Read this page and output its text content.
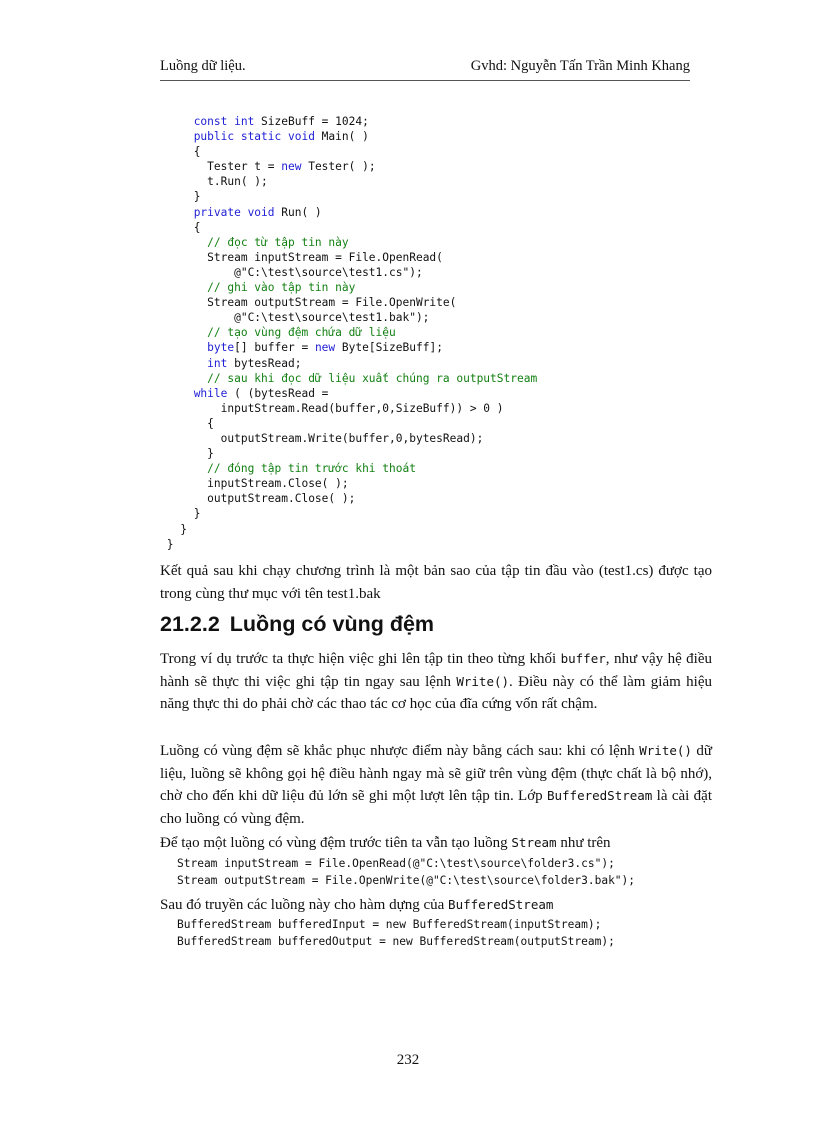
Luồng dữ liệu.	Gvhd: Nguyễn Tấn Trần Minh Khang
const int SizeBuff = 1024;
public static void Main( )
{
Tester t = new Tester( );
t.Run( );
}
private void Run( )
{
// đọc từ tập tin này
Stream inputStream = File.OpenRead(
@"C:\test\source\test1.cs");
// ghi vào tập tin này
Stream outputStream = File.OpenWrite(
@"C:\test\source\test1.bak");
// tạo vùng đệm chứa dữ liệu
byte[] buffer = new Byte[SizeBuff];
int bytesRead;
// sau khi đọc dữ liệu xuất chúng ra outputStream
while ( (bytesRead =
inputStream.Read(buffer,0,SizeBuff)) > 0 )
{
outputStream.Write(buffer,0,bytesRead);
}
// đóng tập tin trước khi thoát
inputStream.Close( );
outputStream.Close( );
}
}
}

Kết quả sau khi chạy chương trình là một bản sao của tập tin đầu vào (test1.cs) được tạo trong cùng thư mục với tên test1.bak

21.2.2 Luồng có vùng đệm

Trong ví dụ trước ta thực hiện việc ghi lên tập tin theo từng khối buffer, như vậy hệ điều hành sẽ thực thi việc ghi tập tin ngay sau lệnh Write(). Điều này có thể làm giảm hiệu năng thực thi do phải chờ các thao tác cơ học của đĩa cứng vốn rất chậm.

Luồng có vùng đệm sẽ khắc phục nhược điểm này bằng cách sau: khi có lệnh Write() dữ liệu, luồng sẽ không gọi hệ điều hành ngay mà sẽ giữ trên vùng đệm (thực chất là bộ nhớ), chờ cho đến khi dữ liệu đủ lớn sẽ ghi một lượt lên tập tin. Lớp BufferedStream là cài đặt cho luồng có vùng đệm.

Để tạo một luồng có vùng đệm trước tiên ta vẫn tạo luồng Stream như trên

Stream inputStream = File.OpenRead(@"C:\test\source\folder3.cs");
Stream outputStream = File.OpenWrite(@"C:\test\source\folder3.bak");

Sau đó truyền các luồng này cho hàm dựng của BufferedStream

BufferedStream bufferedInput = new BufferedStream(inputStream);
BufferedStream bufferedOutput = new BufferedStream(outputStream);
232
